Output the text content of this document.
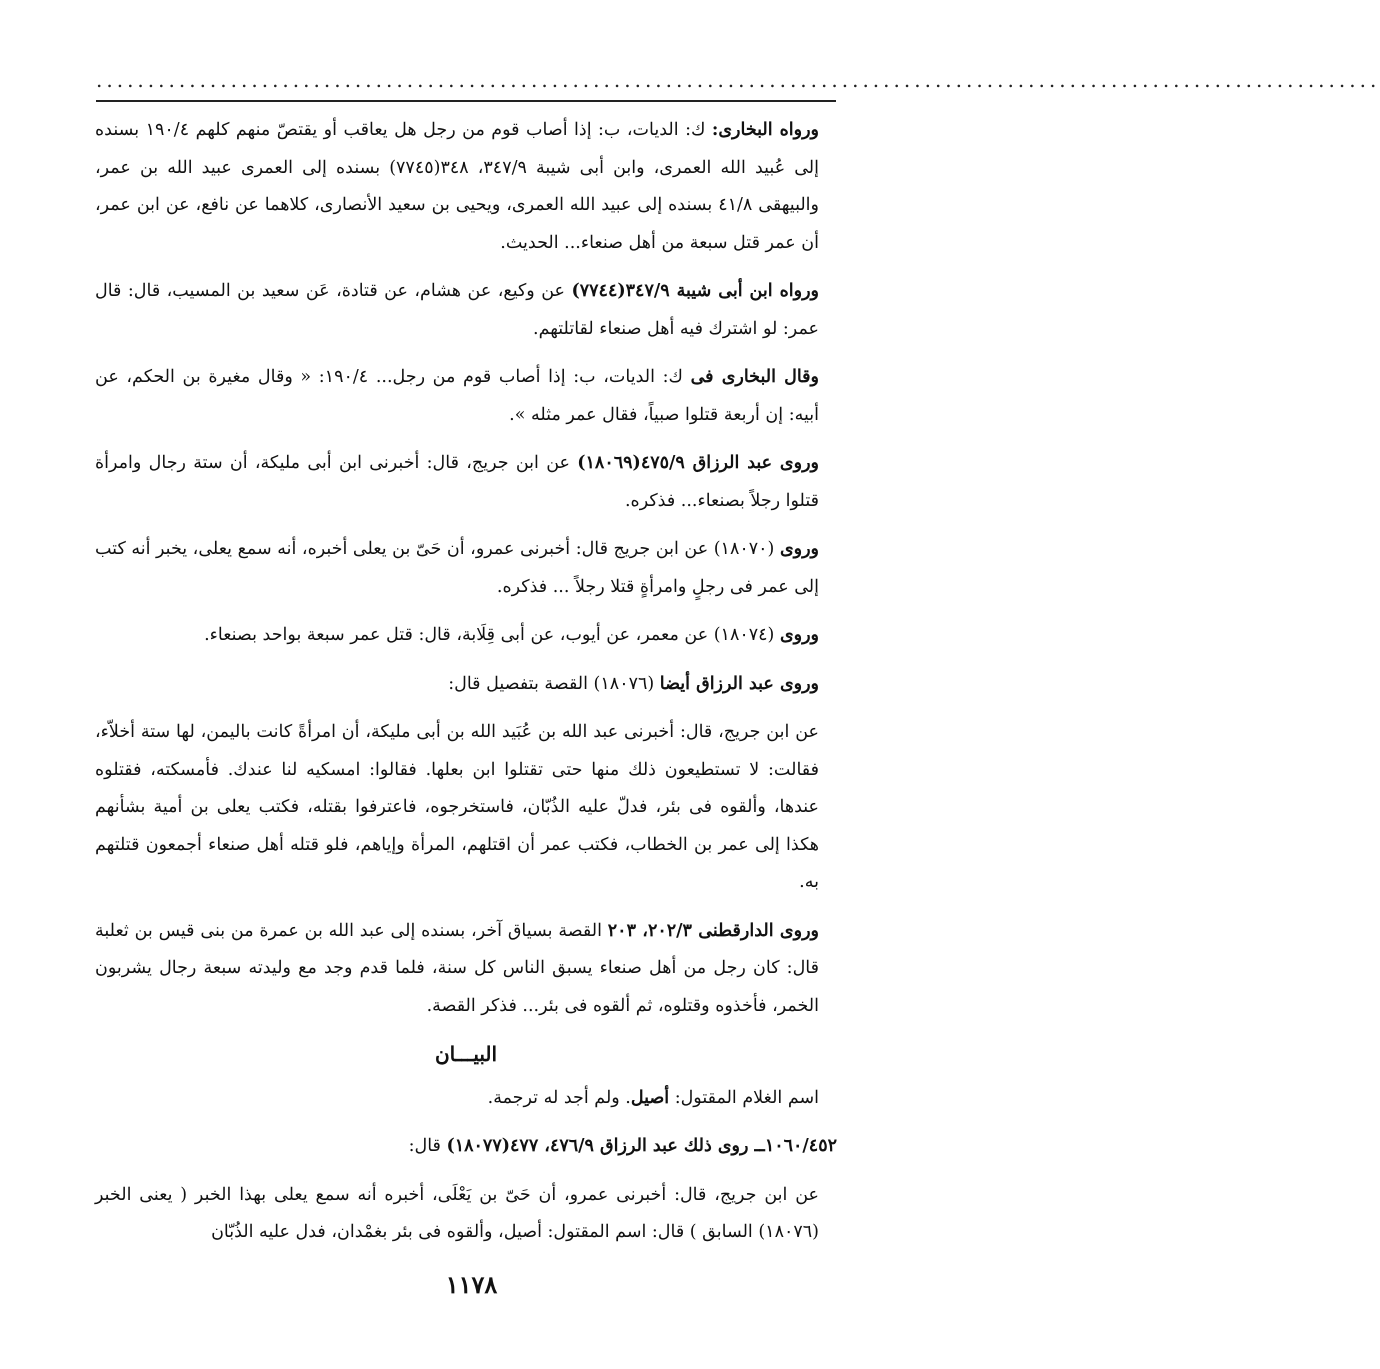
............................................................................................................................

ورواه البخارى: ك: الديات، ب: إذا أصاب قوم من رجل هل يعاقب أو يقتصّ منهم كلهم ١٩٠/٤ بسنده إلى عُبيد الله العمرى، وابن أبى شيبة ٣٤٧/٩، ٣٤٨(٧٧٤٥) بسنده إلى العمرى عبيد الله بن عمر، والبيهقى ٤١/٨ بسنده إلى عبيد الله العمرى، ويحيى بن سعيد الأنصارى، كلاهما عن نافع، عن ابن عمر، أن عمر قتل سبعة من أهل صنعاء... الحديث.

ورواه ابن أبى شيبة ٣٤٧/٩(٧٧٤٤) عن وكيع، عن هشام، عن قتادة، عَن سعيد بن المسيب، قال: قال عمر: لو اشترك فيه أهل صنعاء لقاتلتهم.

وقال البخارى فى ك: الديات، ب: إذا أصاب قوم من رجل... ١٩٠/٤: « وقال مغيرة بن الحكم، عن أبيه: إن أربعة قتلوا صبياً، فقال عمر مثله ».

وروى عبد الرزاق ٤٧٥/٩(١٨٠٦٩) عن ابن جريج، قال: أخبرنى ابن أبى مليكة، أن ستة رجال وامرأة قتلوا رجلاً بصنعاء... فذكره.

وروى (١٨٠٧٠) عن ابن جريج قال: أخبرنى عمرو، أن حَىّ بن يعلى أخبره، أنه سمع يعلى، يخبر أنه كتب إلى عمر فى رجلٍ وامرأةٍ قتلا رجلاً ... فذكره.

وروى (١٨٠٧٤) عن معمر، عن أيوب، عن أبى قِلَابة، قال: قتل عمر سبعة بواحد بصنعاء.

وروى عبد الرزاق أيضا (١٨٠٧٦) القصة بتفصيل قال:

عن ابن جريج، قال: أخبرنى عبد الله بن عُبَيد الله بن أبى مليكة، أن امرأةً كانت باليمن، لها ستة أخلاّء، فقالت: لا تستطيعون ذلك منها حتى تقتلوا ابن بعلها. فقالوا: امسكيه لنا عندك. فأمسكته، فقتلوه عندها، وألقوه فى بئر، فدلّ عليه الذُبّان، فاستخرجوه، فاعترفوا بقتله، فكتب يعلى بن أمية بشأنهم هكذا إلى عمر بن الخطاب، فكتب عمر أن اقتلهم، المرأة وإياهم، فلو قتله أهل صنعاء أجمعون قتلتهم به.

وروى الدارقطنى ٢٠٢/٣، ٢٠٣ القصة بسياق آخر، بسنده إلى عبد الله بن عمرة من بنى قيس بن ثعلبة قال: كان رجل من أهل صنعاء يسبق الناس كل سنة، فلما قدم وجد مع وليدته سبعة رجال يشربون الخمر، فأخذوه وقتلوه، ثم ألقوه فى بئر... فذكر القصة.

البيـــان

اسم الغلام المقتول: أصيل. ولم أجد له ترجمة.

١٠٦٠/٤٥٢ــ روى ذلك عبد الرزاق ٤٧٦/٩، ٤٧٧(١٨٠٧٧) قال:

عن ابن جريج، قال: أخبرنى عمرو، أن حَىّ بن يَعْلَى، أخبره أنه سمع يعلى بهذا الخبر ( يعنى الخبر (١٨٠٧٦) السابق ) قال: اسم المقتول: أصيل، وألقوه فى بئر بغمْدان، فدل عليه الذُبّان

١١٧٨
